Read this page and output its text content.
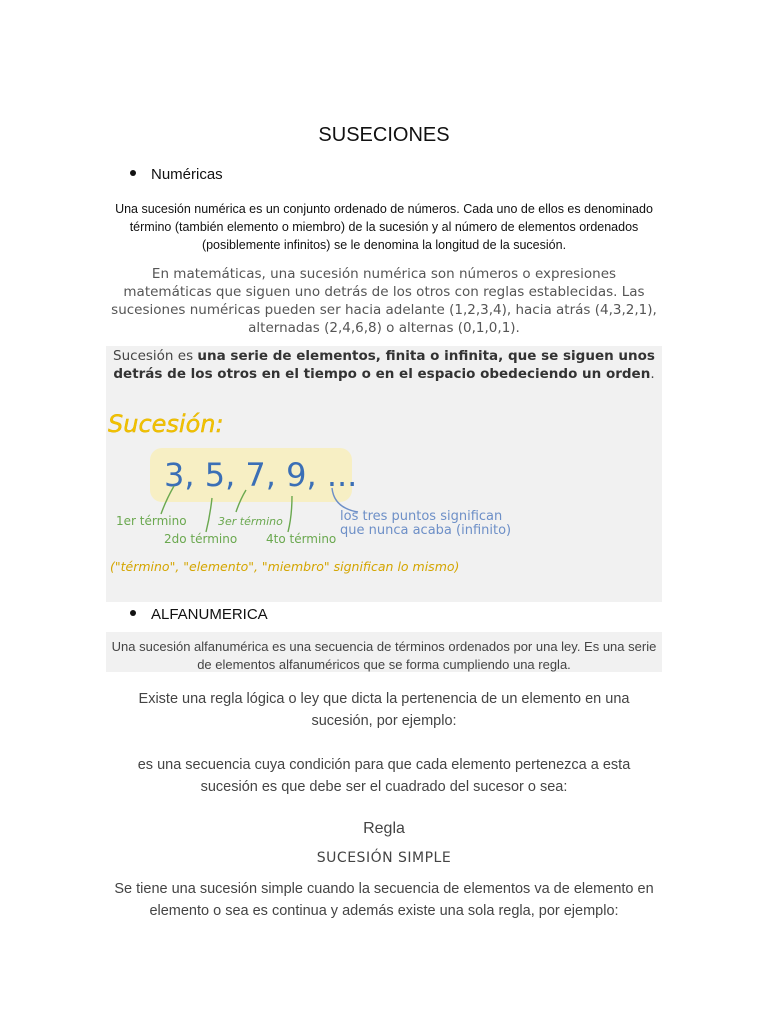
SUSECIONES
Numéricas
Una sucesión numérica es un conjunto ordenado de números. Cada uno de ellos es denominado término (también elemento o miembro) de la sucesión y al número de elementos ordenados (posiblemente infinitos) se le denomina la longitud de la sucesión.
En matemáticas, una sucesión numérica son números o expresiones matemáticas que siguen uno detrás de los otros con reglas establecidas. Las sucesiones numéricas pueden ser hacia adelante (1,2,3,4), hacia atrás (4,3,2,1), alternadas (2,4,6,8) o alternas (0,1,0,1).
Sucesión es una serie de elementos, finita o infinita, que se siguen unos detrás de los otros en el tiempo o en el espacio obedeciendo un orden.
Sucesión:
3, 5, 7, 9, ...
1er término
2do término
3er término
4to término
los tres puntos significan
que nunca acaba (infinito)
("término", "elemento", "miembro" significan lo mismo)
ALFANUMERICA
Una sucesión alfanumérica es una secuencia de términos ordenados por una ley. Es una serie de elementos alfanuméricos que se forma cumpliendo una regla.
Existe una regla lógica o ley que dicta la pertenencia de un elemento en una sucesión, por ejemplo:
es una secuencia cuya condición para que cada elemento pertenezca a esta sucesión es que debe ser el cuadrado del sucesor o sea:
Regla
SUCESIÓN SIMPLE
Se tiene una sucesión simple cuando la secuencia de elementos va de elemento en elemento o sea es continua y además existe una sola regla, por ejemplo:
